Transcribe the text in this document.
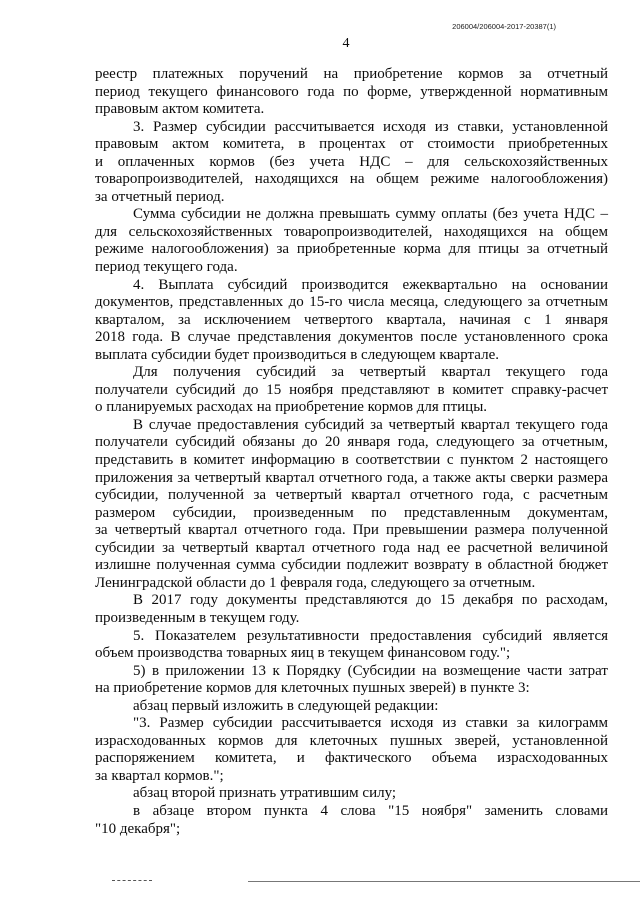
206004/206004-2017-20387(1)
4
реестр платежных поручений на приобретение кормов за отчетный
период текущего финансового года по форме, утвержденной нормативным
правовым актом комитета.
3. Размер субсидии рассчитывается исходя из ставки, установленной
правовым актом комитета, в процентах от стоимости приобретенных
и оплаченных кормов (без учета НДС – для сельскохозяйственных
товаропроизводителей, находящихся на общем режиме налогообложения)
за отчетный период.
Сумма субсидии не должна превышать сумму оплаты (без учета НДС –
для сельскохозяйственных товаропроизводителей, находящихся на общем
режиме налогообложения) за приобретенные корма для птицы за отчетный
период текущего года.
4. Выплата субсидий производится ежеквартально на основании
документов, представленных до 15-го числа месяца, следующего за отчетным
кварталом, за исключением четвертого квартала, начиная с 1 января
2018 года. В случае представления документов после установленного срока
выплата субсидии будет производиться в следующем квартале.
Для получения субсидий за четвертый квартал текущего года
получатели субсидий до 15 ноября представляют в комитет справку-расчет
о планируемых расходах на приобретение кормов для птицы.
В случае предоставления субсидий за четвертый квартал текущего года
получатели субсидий обязаны до 20 января года, следующего за отчетным,
представить в комитет информацию в соответствии с пунктом 2 настоящего
приложения за четвертый квартал отчетного года, а также акты сверки размера
субсидии, полученной за четвертый квартал отчетного года, с расчетным
размером субсидии, произведенным по представленным документам,
за четвертый квартал отчетного года. При превышении размера полученной
субсидии за четвертый квартал отчетного года над ее расчетной величиной
излишне полученная сумма субсидии подлежит возврату в областной бюджет
Ленинградской области до 1 февраля года, следующего за отчетным.
В 2017 году документы представляются до 15 декабря по расходам,
произведенным в текущем году.
5. Показателем результативности предоставления субсидий является
объем производства товарных яиц в текущем финансовом году.";
5) в приложении 13 к Порядку (Субсидии на возмещение части затрат
на приобретение кормов для клеточных пушных зверей) в пункте 3:
абзац первый изложить в следующей редакции:
"3. Размер субсидии рассчитывается исходя из ставки за килограмм
израсходованных кормов для клеточных пушных зверей, установленной
распоряжением комитета, и фактического объема израсходованных
за квартал кормов.";
абзац второй признать утратившим силу;
в абзаце втором пункта 4 слова "15 ноября" заменить словами
"10 декабря";
